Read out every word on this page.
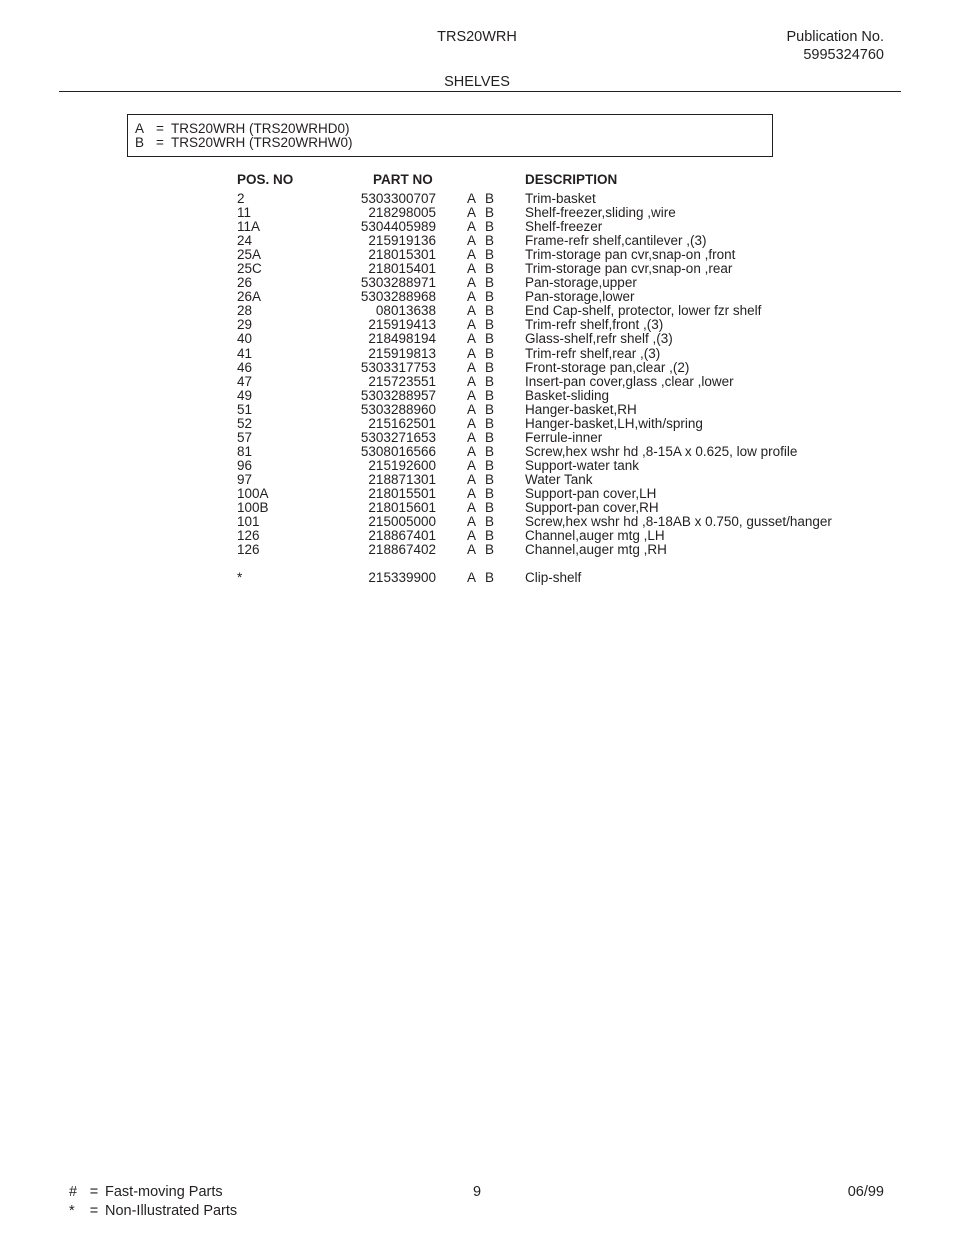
TRS20WRH	Publication No.
5995324760
SHELVES
A = TRS20WRH (TRS20WRHD0)
B = TRS20WRH (TRS20WRHW0)
POS. NO	PART NO	DESCRIPTION
2	5303300707 A B Trim-basket
11	218298005 A B Shelf-freezer,sliding ,wire
11A	5304405989 A B Shelf-freezer
24	215919136 A B Frame-refr shelf,cantilever ,(3)
25A	218015301 A B Trim-storage pan cvr,snap-on ,front
25C	218015401 A B Trim-storage pan cvr,snap-on ,rear
26	5303288971 A B Pan-storage,upper
26A	5303288968 A B Pan-storage,lower
28	08013638 A B End Cap-shelf, protector, lower fzr shelf
29	215919413 A B Trim-refr shelf,front ,(3)
40	218498194 A B Glass-shelf,refr shelf ,(3)
41	215919813 A B Trim-refr shelf,rear ,(3)
46	5303317753 A B Front-storage pan,clear ,(2)
47	215723551 A B Insert-pan cover,glass ,clear ,lower
49	5303288957 A B Basket-sliding
51	5303288960 A B Hanger-basket,RH
52	215162501 A B Hanger-basket,LH,with/spring
57	5303271653 A B Ferrule-inner
81	5308016566 A B Screw,hex wshr hd ,8-15A x 0.625, low profile
96	215192600 A B Support-water tank
97	218871301 A B Water Tank
100A	218015501 A B Support-pan cover,LH
100B	218015601 A B Support-pan cover,RH
101	215005000 A B Screw,hex wshr hd ,8-18AB x 0.750, gusset/hanger
126	218867401 A B Channel,auger mtg ,LH
126	218867402 A B Channel,auger mtg ,RH
*	215339900 A B Clip-shelf
# = Fast-moving Parts
* = Non-Illustrated Parts
9	06/99
